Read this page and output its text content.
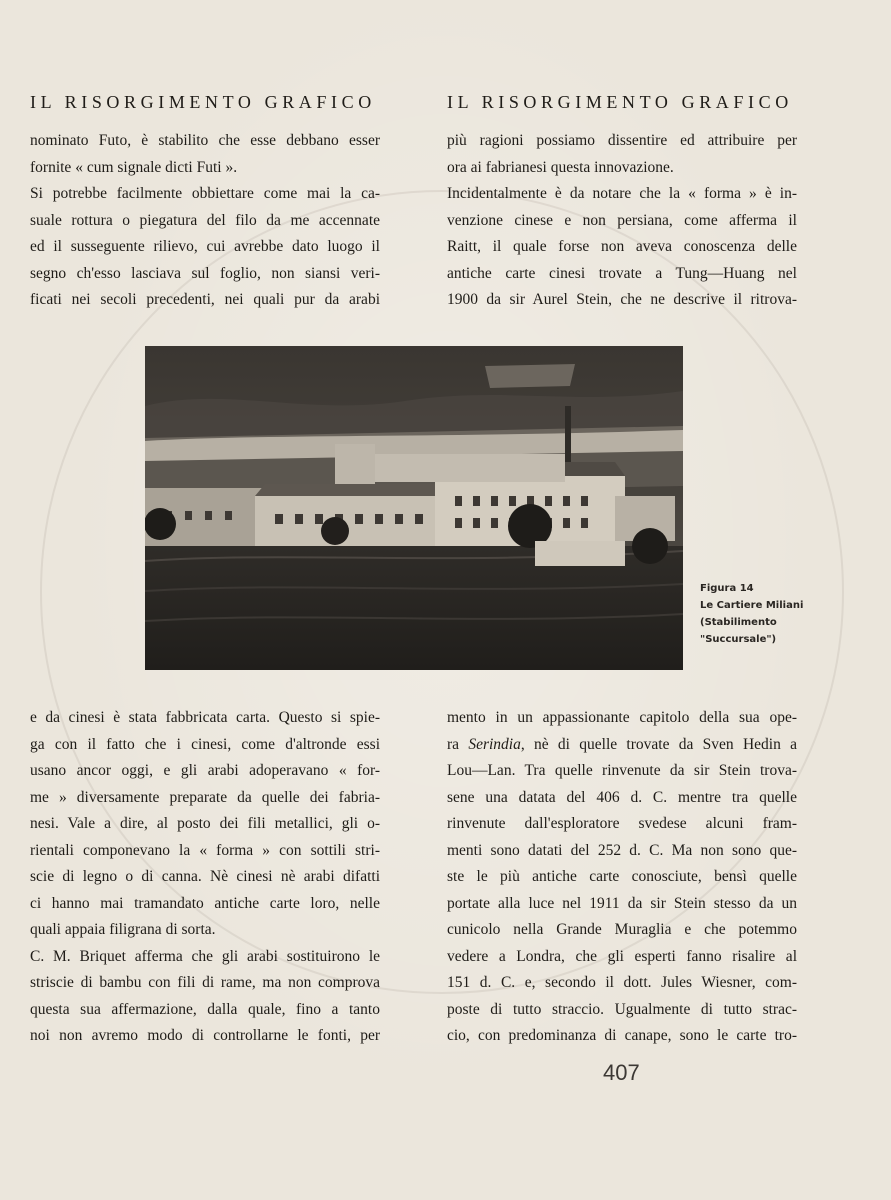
IL RISORGIMENTO GRAFICO	IL RISORGIMENTO GRAFICO

nominato Futo, è stabilito che esse debbano esser

fornite « cum signale dicti Futi ».

Si potrebbe facilmente obbiettare come mai la ca-

suale rottura o piegatura del filo da me accennate

ed il susseguente rilievo, cui avrebbe dato luogo il

segno ch'esso lasciava sul foglio, non siansi veri-

ficati nei secoli precedenti, nei quali pur da arabi

più ragioni possiamo dissentire ed attribuire per

ora ai fabrianesi questa innovazione.

Incidentalmente è da notare che la « forma » è in-

venzione cinese e non persiana, come afferma il

Raitt, il quale forse non aveva conoscenza delle

antiche carte cinesi trovate a Tung—Huang nel

1900 da sir Aurel Stein, che ne descrive il ritrova-

Figura 14
Le Cartiere Miliani
(Stabilimento
"Succursale")

e da cinesi è stata fabbricata carta. Questo si spie-

ga con il fatto che i cinesi, come d'altronde essi

usano ancor oggi, e gli arabi adoperavano « for-

me » diversamente preparate da quelle dei fabria-

nesi. Vale a dire, al posto dei fili metallici, gli o-

rientali componevano la « forma » con sottili stri-

scie di legno o di canna. Nè cinesi nè arabi difatti

ci hanno mai tramandato antiche carte loro, nelle

quali appaia filigrana di sorta.

C. M. Briquet afferma che gli arabi sostituirono le

striscie di bambu con fili di rame, ma non comprova

questa sua affermazione, dalla quale, fino a tanto

noi non avremo modo di controllarne le fonti, per

mento in un appassionante capitolo della sua ope-

ra Serindia, nè di quelle trovate da Sven Hedin a

Lou—Lan. Tra quelle rinvenute da sir Stein trova-

sene una datata del 406 d. C. mentre tra quelle

rinvenute dall'esploratore svedese alcuni fram-

menti sono datati del 252 d. C. Ma non sono que-

ste le più antiche carte conosciute, bensì quelle

portate alla luce nel 1911 da sir Stein stesso da un

cunicolo nella Grande Muraglia e che potemmo

vedere a Londra, che gli esperti fanno risalire al

151 d. C. e, secondo il dott. Jules Wiesner, com-

poste di tutto straccio. Ugualmente di tutto strac-

cio, con predominanza di canape, sono le carte tro-

407
